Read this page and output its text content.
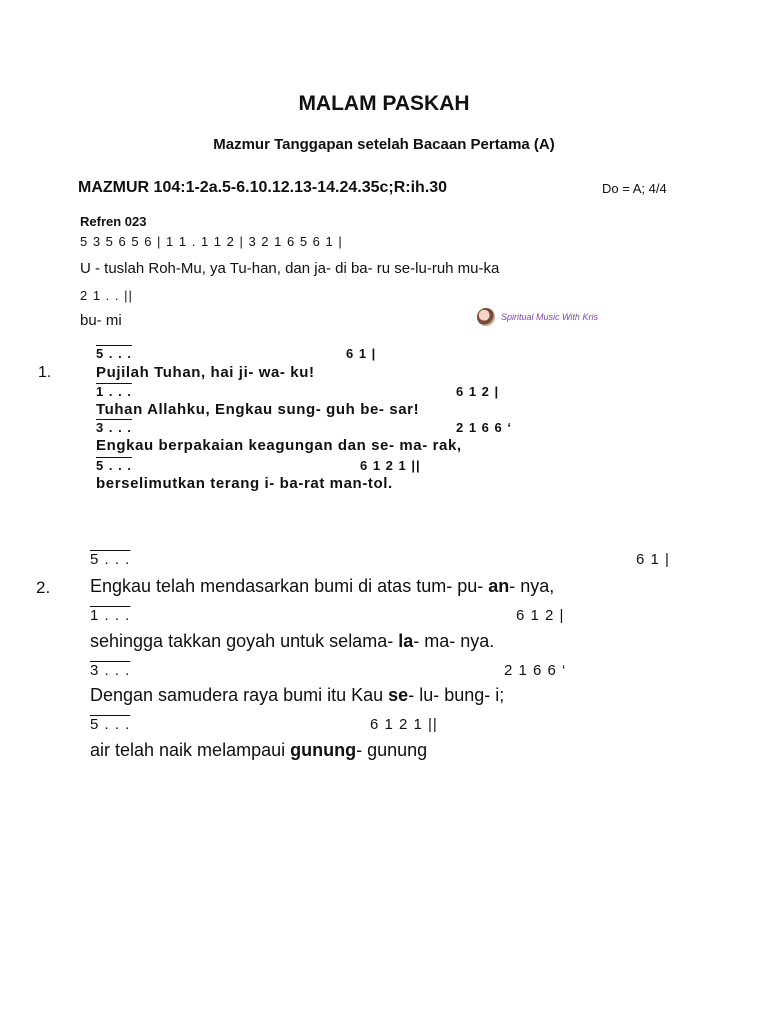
MALAM PASKAH
Mazmur Tanggapan setelah Bacaan Pertama (A)
MAZMUR 104:1-2a.5-6.10.12.13-14.24.35c;R:ih.30	Do = A; 4/4
Refren 023
5 3 5 6 5 6 | 1 1 . 1 1 2 | 3 2 1 6 5 6 1 |
U - tuslah Roh-Mu, ya Tu-han, dan ja- di ba- ru se-lu-ruh mu-ka
2 1 . . ||
bu- mi	Spiritual Music With Kris
1.
5 . . .	6 1 |
Pujilah Tuhan, hai ji- wa- ku!
1 . . .	6 1 2 |
Tuhan Allahku, Engkau sung- guh be- sar!
3 . . .	2 1 6 6 ‘
Engkau berpakaian keagungan dan se- ma- rak,
5 . . .	6 1 2 1 ||
berselimutkan terang i- ba-rat man-tol.
2.
5 . . .	6 1 |
Engkau telah mendasarkan bumi di atas tum- pu- an- nya,
1 . . .	6 1 2 |
sehingga takkan goyah untuk selama- la- ma- nya.
3 . . .	2 1 6 6 ‘
Dengan samudera raya bumi itu Kau se- lu- bung- i;
5 . . .	6 1 2 1 ||
air telah naik melampaui gunung- gunung
